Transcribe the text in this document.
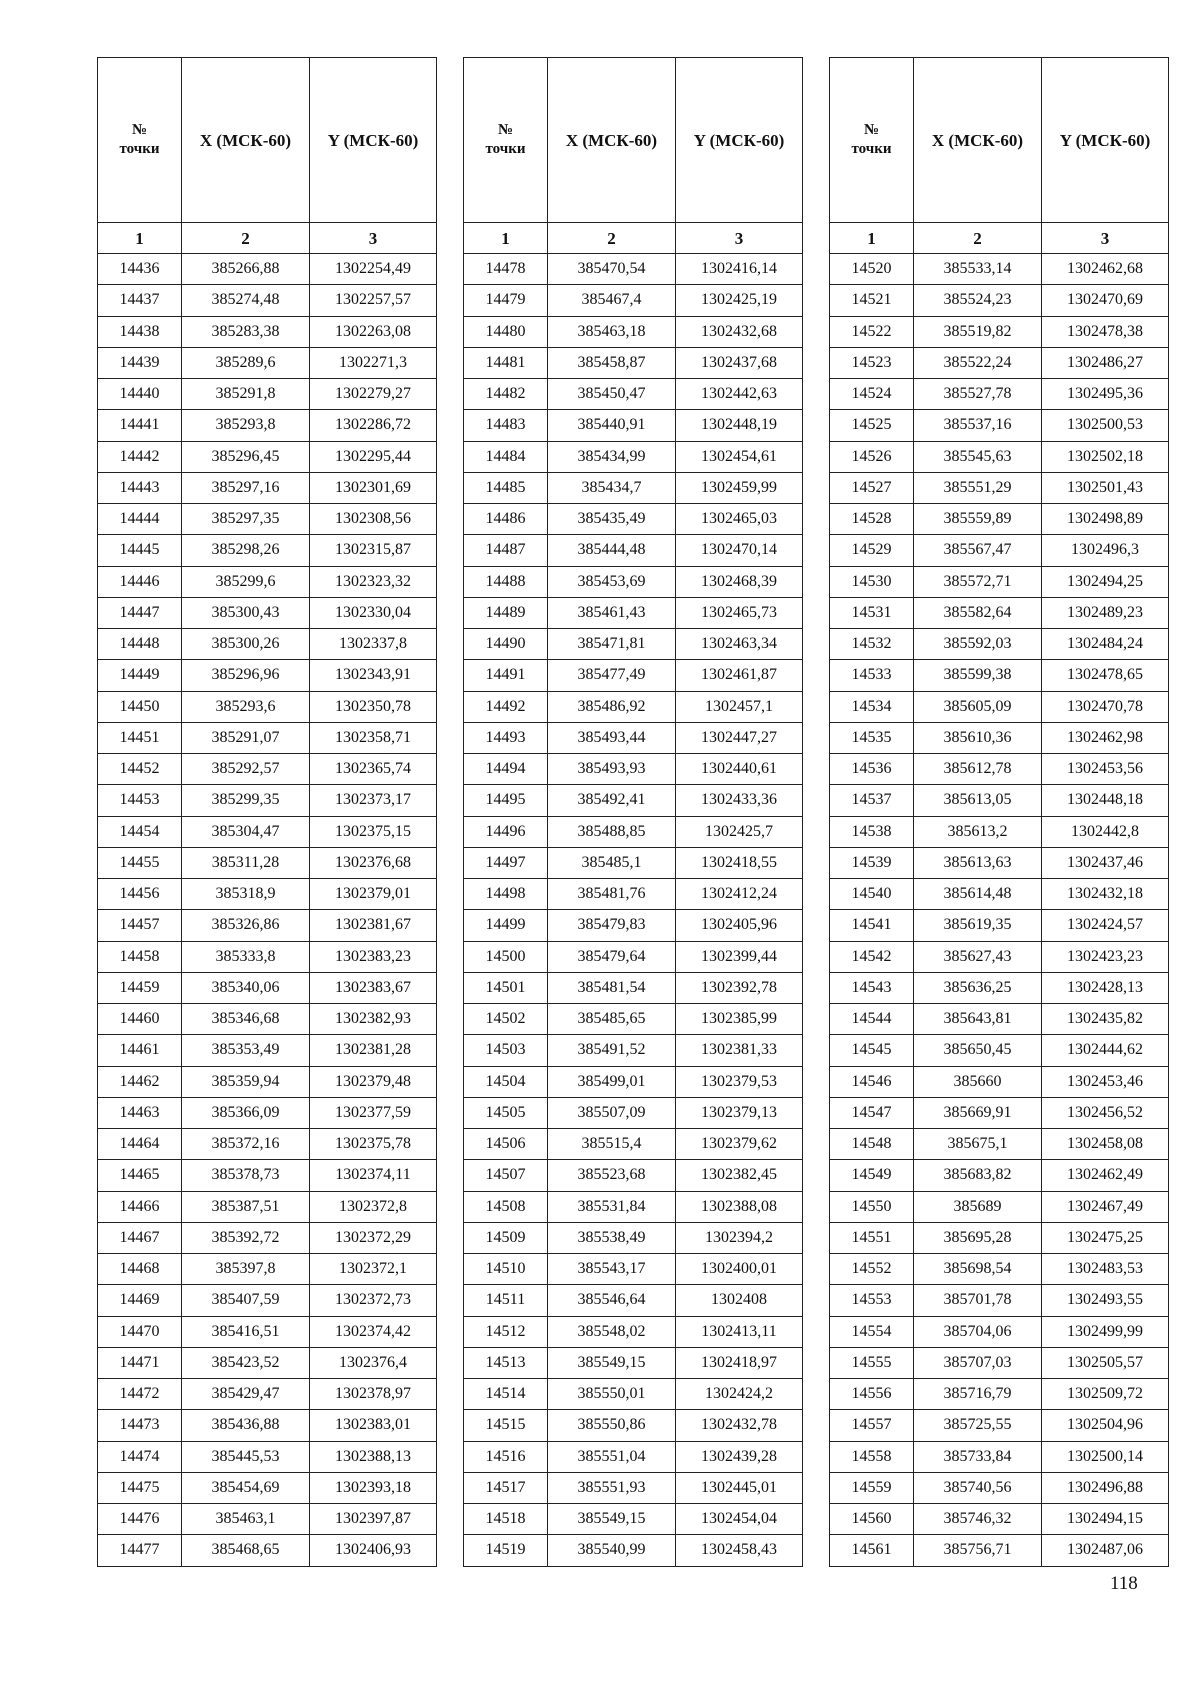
№
точки	X (МСК-60)	Y (МСК-60)
1	2	3
14436	385266,88	1302254,49
14437	385274,48	1302257,57
14438	385283,38	1302263,08
14439	385289,6	1302271,3
14440	385291,8	1302279,27
14441	385293,8	1302286,72
14442	385296,45	1302295,44
14443	385297,16	1302301,69
14444	385297,35	1302308,56
14445	385298,26	1302315,87
14446	385299,6	1302323,32
14447	385300,43	1302330,04
14448	385300,26	1302337,8
14449	385296,96	1302343,91
14450	385293,6	1302350,78
14451	385291,07	1302358,71
14452	385292,57	1302365,74
14453	385299,35	1302373,17
14454	385304,47	1302375,15
14455	385311,28	1302376,68
14456	385318,9	1302379,01
14457	385326,86	1302381,67
14458	385333,8	1302383,23
14459	385340,06	1302383,67
14460	385346,68	1302382,93
14461	385353,49	1302381,28
14462	385359,94	1302379,48
14463	385366,09	1302377,59
14464	385372,16	1302375,78
14465	385378,73	1302374,11
14466	385387,51	1302372,8
14467	385392,72	1302372,29
14468	385397,8	1302372,1
14469	385407,59	1302372,73
14470	385416,51	1302374,42
14471	385423,52	1302376,4
14472	385429,47	1302378,97
14473	385436,88	1302383,01
14474	385445,53	1302388,13
14475	385454,69	1302393,18
14476	385463,1	1302397,87
14477	385468,65	1302406,93
№
точки	X (МСК-60)	Y (МСК-60)
1	2	3
14478	385470,54	1302416,14
14479	385467,4	1302425,19
14480	385463,18	1302432,68
14481	385458,87	1302437,68
14482	385450,47	1302442,63
14483	385440,91	1302448,19
14484	385434,99	1302454,61
14485	385434,7	1302459,99
14486	385435,49	1302465,03
14487	385444,48	1302470,14
14488	385453,69	1302468,39
14489	385461,43	1302465,73
14490	385471,81	1302463,34
14491	385477,49	1302461,87
14492	385486,92	1302457,1
14493	385493,44	1302447,27
14494	385493,93	1302440,61
14495	385492,41	1302433,36
14496	385488,85	1302425,7
14497	385485,1	1302418,55
14498	385481,76	1302412,24
14499	385479,83	1302405,96
14500	385479,64	1302399,44
14501	385481,54	1302392,78
14502	385485,65	1302385,99
14503	385491,52	1302381,33
14504	385499,01	1302379,53
14505	385507,09	1302379,13
14506	385515,4	1302379,62
14507	385523,68	1302382,45
14508	385531,84	1302388,08
14509	385538,49	1302394,2
14510	385543,17	1302400,01
14511	385546,64	1302408
14512	385548,02	1302413,11
14513	385549,15	1302418,97
14514	385550,01	1302424,2
14515	385550,86	1302432,78
14516	385551,04	1302439,28
14517	385551,93	1302445,01
14518	385549,15	1302454,04
14519	385540,99	1302458,43
№
точки	X (МСК-60)	Y (МСК-60)
1	2	3
14520	385533,14	1302462,68
14521	385524,23	1302470,69
14522	385519,82	1302478,38
14523	385522,24	1302486,27
14524	385527,78	1302495,36
14525	385537,16	1302500,53
14526	385545,63	1302502,18
14527	385551,29	1302501,43
14528	385559,89	1302498,89
14529	385567,47	1302496,3
14530	385572,71	1302494,25
14531	385582,64	1302489,23
14532	385592,03	1302484,24
14533	385599,38	1302478,65
14534	385605,09	1302470,78
14535	385610,36	1302462,98
14536	385612,78	1302453,56
14537	385613,05	1302448,18
14538	385613,2	1302442,8
14539	385613,63	1302437,46
14540	385614,48	1302432,18
14541	385619,35	1302424,57
14542	385627,43	1302423,23
14543	385636,25	1302428,13
14544	385643,81	1302435,82
14545	385650,45	1302444,62
14546	385660	1302453,46
14547	385669,91	1302456,52
14548	385675,1	1302458,08
14549	385683,82	1302462,49
14550	385689	1302467,49
14551	385695,28	1302475,25
14552	385698,54	1302483,53
14553	385701,78	1302493,55
14554	385704,06	1302499,99
14555	385707,03	1302505,57
14556	385716,79	1302509,72
14557	385725,55	1302504,96
14558	385733,84	1302500,14
14559	385740,56	1302496,88
14560	385746,32	1302494,15
14561	385756,71	1302487,06
118
